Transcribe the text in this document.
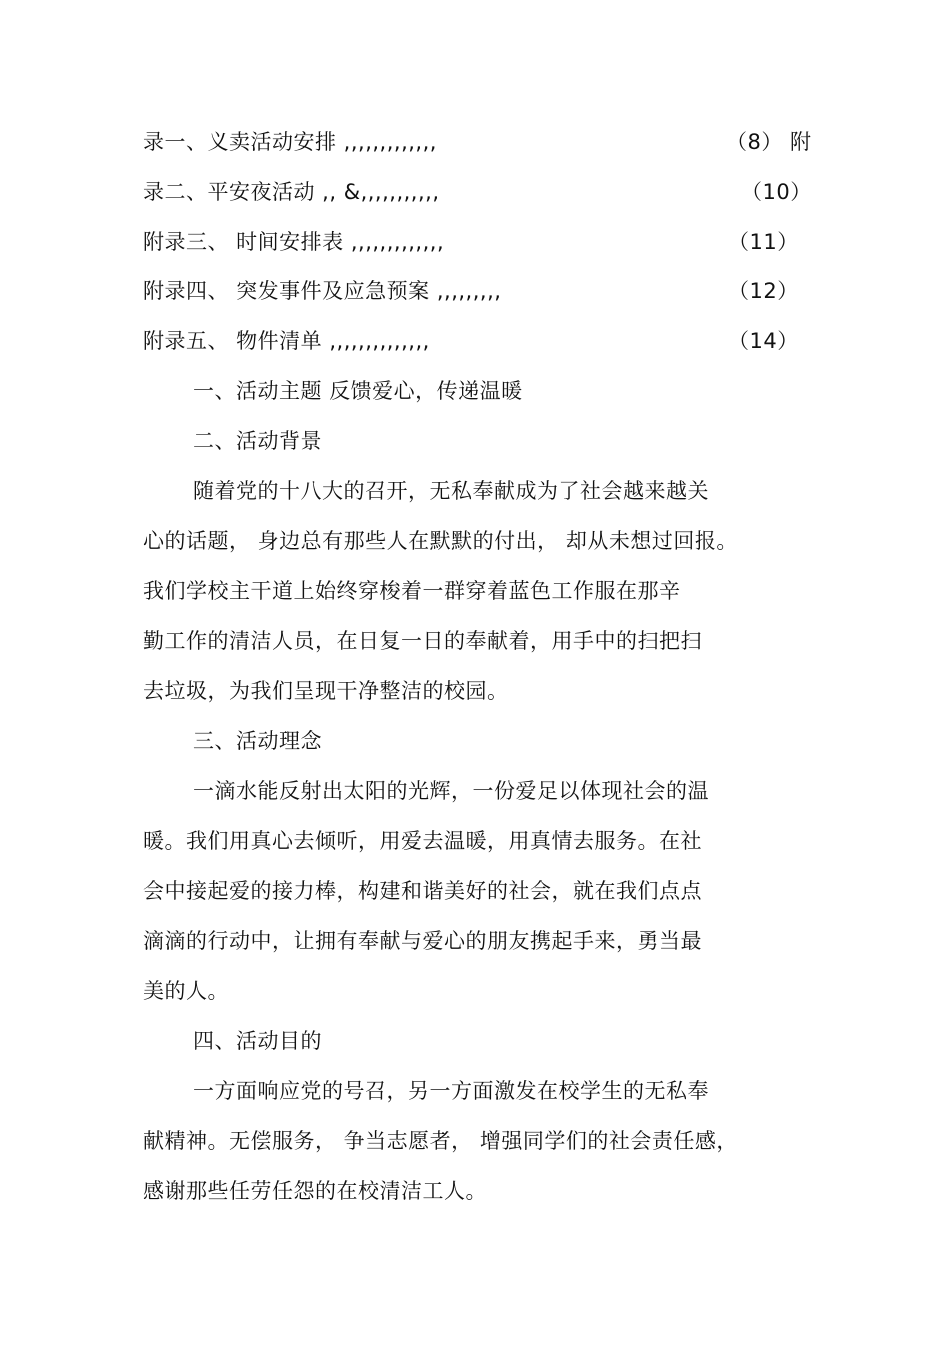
录一、义卖活动安排 ,,,,,,,,,,,,,	（8） 附
录二、平安夜活动 ,, &,,,,,,,,,,,	（10）
附录三、 时间安排表 ,,,,,,,,,,,,,	（11）
附录四、 突发事件及应急预案 ,,,,,,,,,	（12）
附录五、 物件清单 ,,,,,,,,,,,,,,	（14）
一、活动主题 反馈爱心，传递温暖
二、活动背景
随着党的十八大的召开，无私奉献成为了社会越来越关
心的话题， 身边总有那些人在默默的付出， 却从未想过回报。
我们学校主干道上始终穿梭着一群穿着蓝色工作服在那辛
勤工作的清洁人员，在日复一日的奉献着，用手中的扫把扫
去垃圾，为我们呈现干净整洁的校园。
三、活动理念
一滴水能反射出太阳的光辉，一份爱足以体现社会的温
暖。我们用真心去倾听，用爱去温暖，用真情去服务。在社
会中接起爱的接力棒，构建和谐美好的社会，就在我们点点
滴滴的行动中，让拥有奉献与爱心的朋友携起手来，勇当最
美的人。
四、活动目的
一方面响应党的号召，另一方面激发在校学生的无私奉
献精神。无偿服务， 争当志愿者， 增强同学们的社会责任感，
感谢那些任劳任怨的在校清洁工人。
